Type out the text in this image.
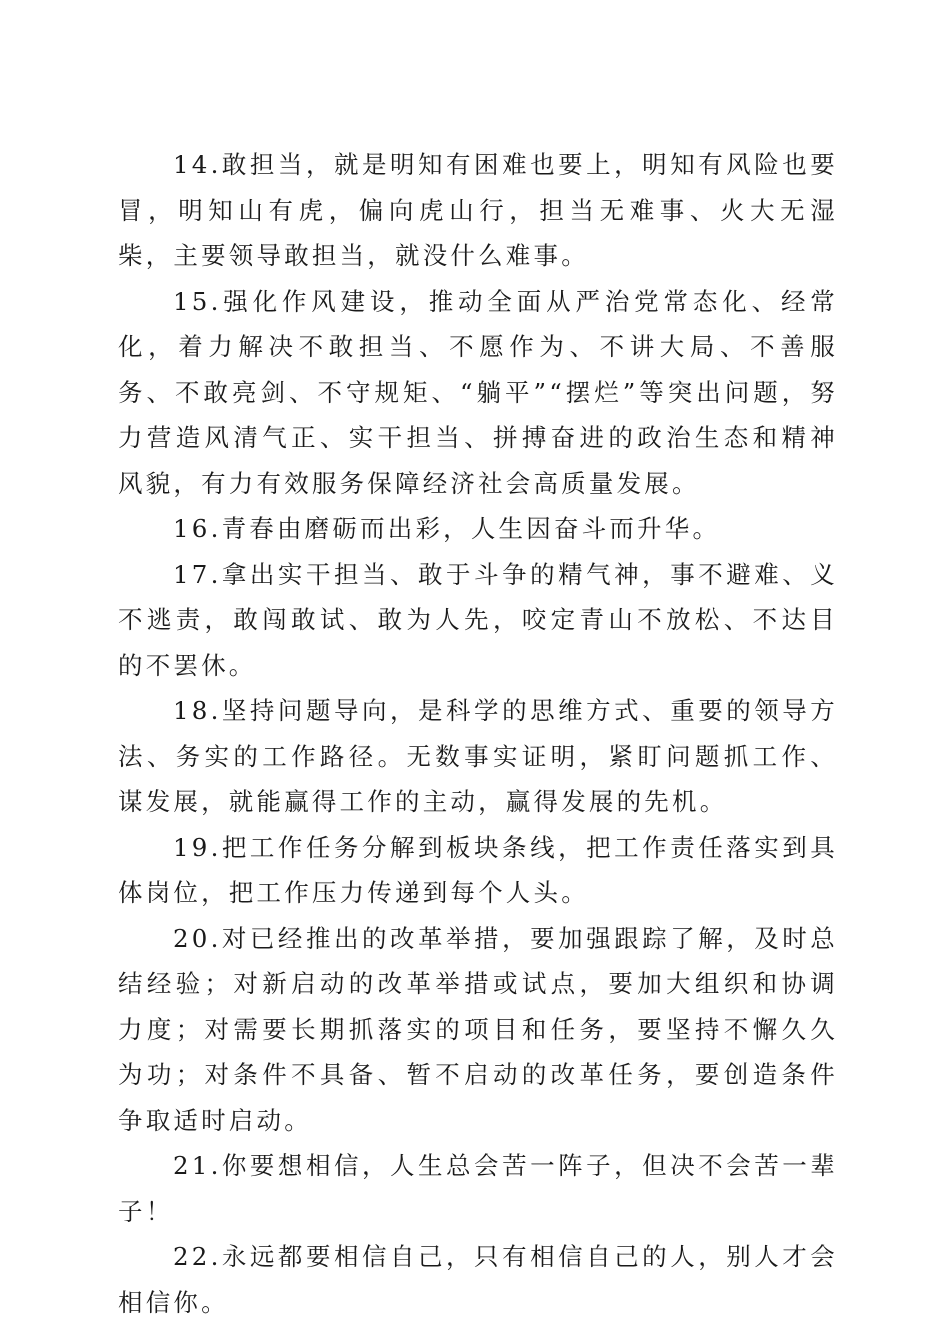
14.敢担当，就是明知有困难也要上，明知有风险也要冒，明知山有虎，偏向虎山行，担当无难事、火大无湿柴，主要领导敢担当，就没什么难事。

15.强化作风建设，推动全面从严治党常态化、经常化，着力解决不敢担当、不愿作为、不讲大局、不善服务、不敢亮剑、不守规矩、“躺平”“摆烂”等突出问题，努力营造风清气正、实干担当、拼搏奋进的政治生态和精神风貌，有力有效服务保障经济社会高质量发展。

16.青春由磨砺而出彩，人生因奋斗而升华。

17.拿出实干担当、敢于斗争的精气神，事不避难、义不逃责，敢闯敢试、敢为人先，咬定青山不放松、不达目的不罢休。

18.坚持问题导向，是科学的思维方式、重要的领导方法、务实的工作路径。无数事实证明，紧盯问题抓工作、谋发展，就能赢得工作的主动，赢得发展的先机。

19.把工作任务分解到板块条线，把工作责任落实到具体岗位，把工作压力传递到每个人头。

20.对已经推出的改革举措，要加强跟踪了解，及时总结经验；对新启动的改革举措或试点，要加大组织和协调力度；对需要长期抓落实的项目和任务，要坚持不懈久久为功；对条件不具备、暂不启动的改革任务，要创造条件争取适时启动。

21.你要想相信，人生总会苦一阵子，但决不会苦一辈子！

22.永远都要相信自己，只有相信自己的人，别人才会相信你。
